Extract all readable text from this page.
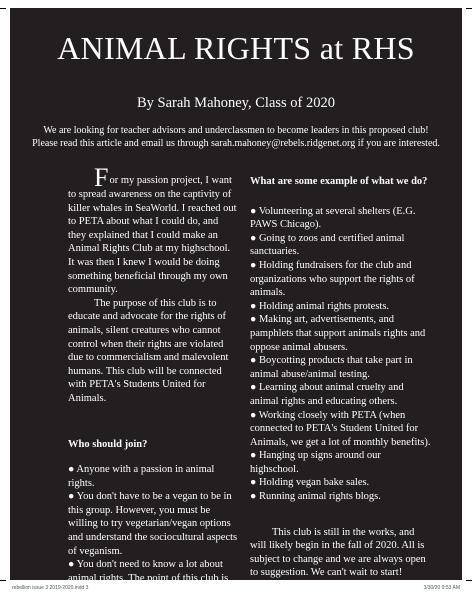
ANIMAL RIGHTS at RHS
By Sarah Mahoney, Class of 2020
We are looking for teacher advisors and underclassmen to become leaders in this proposed club! Please read this article and email us through sarah.mahoney@rebels.ridgenet.org if you are interested.

For my passion project, I want to spread awareness on the captivity of killer whales in SeaWorld. I reached out to PETA about what I could do, and they explained that I could make an Animal Rights Club at my highschool. It was then I knew I would be doing something beneficial through my own community.

The purpose of this club is to educate and advocate for the rights of animals, silent creatures who cannot control when their rights are violated due to commercialism and malevolent humans. This club will be connected with PETA's Students United for Animals.

Who should join?

● Anyone with a passion in animal rights.

● You don't have to be a vegan to be in this group. However, you must be willing to try vegetarian/vegan options and understand the sociocultural aspects of veganism.

● You don't need to know a lot about animal rights. The point of this club is to spread awareness, and teach others how they can become activists!

What are some example of what we do?

● Volunteering at several shelters (E.G. PAWS Chicago).

● Going to zoos and certified animal sanctuaries.

● Holding fundraisers for the club and organizations who support the rights of animals.

● Holding animal rights protests.

● Making art, advertisements, and pamphlets that support animals rights and oppose animal abusers.

● Boycotting products that take part in animal abuse/animal testing.

● Learning about animal cruelty and animal rights and educating others.

● Working closely with PETA (when connected to PETA's Student United for Animals, we get a lot of monthly benefits).

● Hanging up signs around our highschool.

● Holding vegan bake sales.

● Running animal rights blogs.

This club is still in the works, and will likely begin in the fall of 2020. All is subject to change and we are always open to suggestion. We can't wait to start!

rebellion issue 3 2019-2020.indd 3	3/30/20 9:53 AM
